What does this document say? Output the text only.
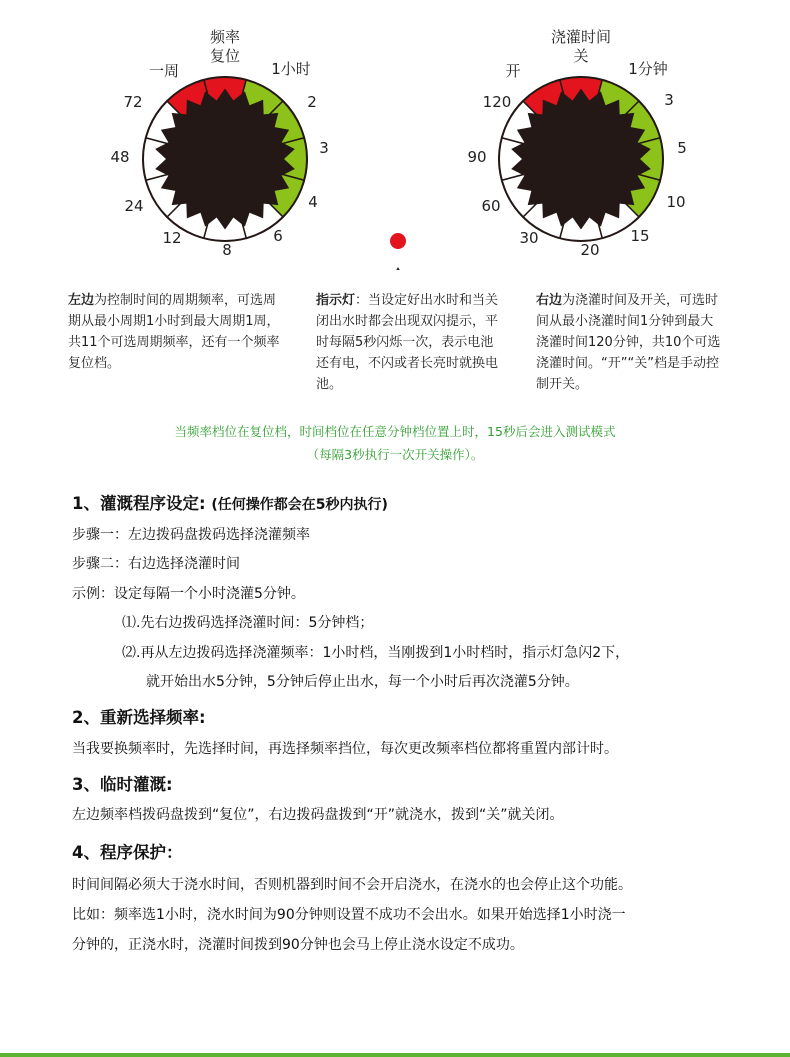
频率
复位
一周	1小时
2
3
4
6
8
12
24
48
72
浇灌时间
关
开	1分钟
3
5
10
15
20
30
60
90
120
左边为控制时间的周期频率，可选周期从最小周期1小时到最大周期1周，共11个可选周期频率，还有一个频率复位档。
指示灯：当设定好出水时和当关闭出水时都会出现双闪提示，平时每隔5秒闪烁一次，表示电池还有电，不闪或者长亮时就换电池。
右边为浇灌时间及开关，可选时间从最小浇灌时间1分钟到最大浇灌时间120分钟，共10个可选浇灌时间。“开”“关”档是手动控制开关。
当频率档位在复位档，时间档位在任意分钟档位置上时，15秒后会进入测试模式
（每隔3秒执行一次开关操作）。
1、灌溉程序设定: (任何操作都会在5秒内执行)
步骤一：左边拨码盘拨码选择浇灌频率
步骤二：右边选择浇灌时间
示例：设定每隔一个小时浇灌5分钟。
⑴.先右边拨码选择浇灌时间：5分钟档；
⑵.再从左边拨码选择浇灌频率：1小时档，当刚拨到1小时档时，指示灯急闪2下，
就开始出水5分钟，5分钟后停止出水，每一个小时后再次浇灌5分钟。
2、重新选择频率:
当我要换频率时，先选择时间，再选择频率挡位，每次更改频率档位都将重置内部计时。
3、临时灌溉:
左边频率档拨码盘拨到“复位”，右边拨码盘拨到“开”就浇水，拨到“关”就关闭。
4、程序保护：
时间间隔必须大于浇水时间，否则机器到时间不会开启浇水，在浇水的也会停止这个功能。
比如：频率选1小时，浇水时间为90分钟则设置不成功不会出水。如果开始选择1小时浇一
分钟的，正浇水时，浇灌时间拨到90分钟也会马上停止浇水设定不成功。
